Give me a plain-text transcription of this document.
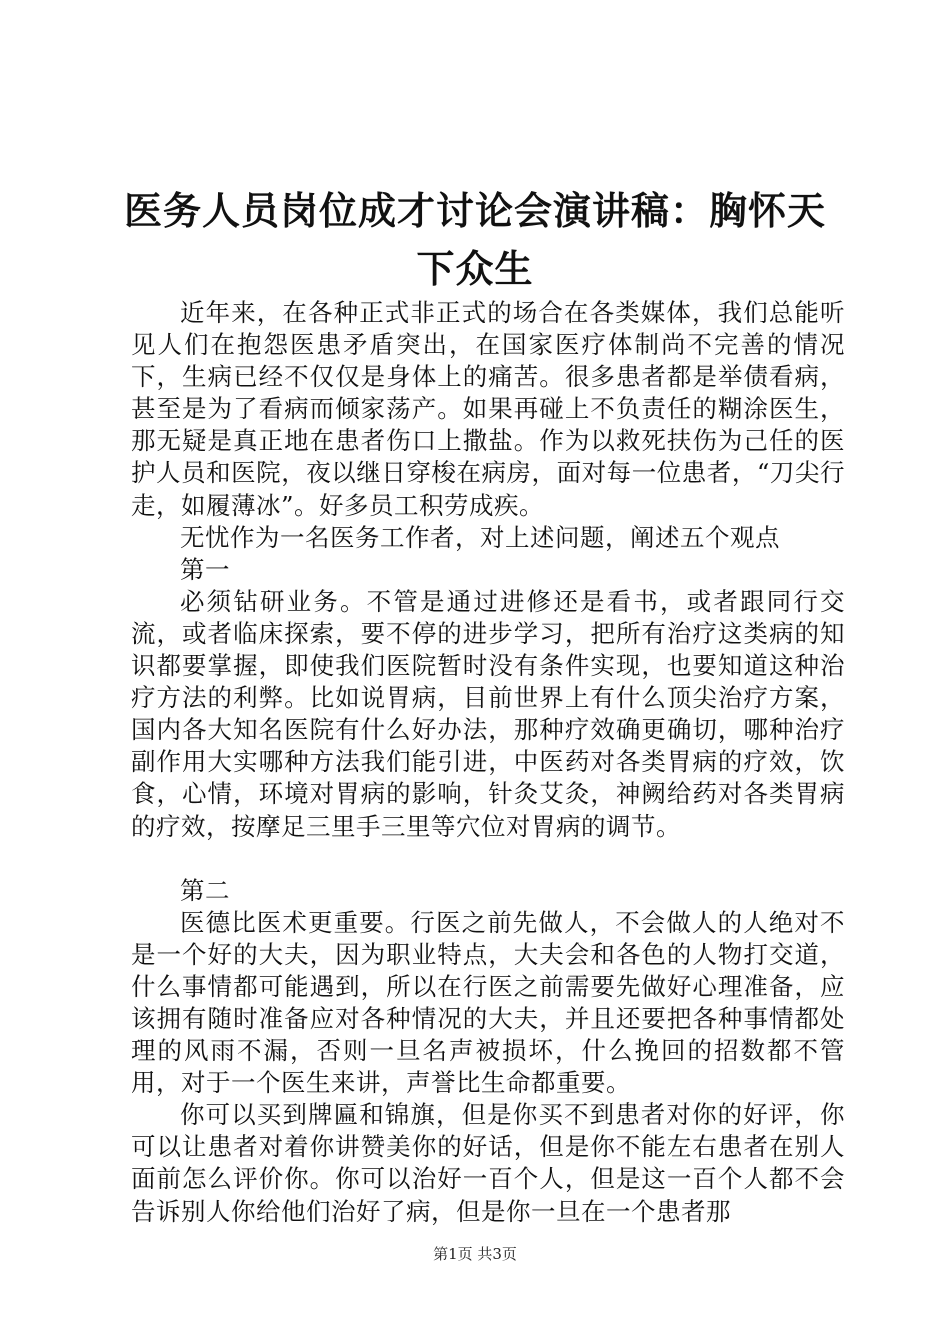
医务人员岗位成才讨论会演讲稿：胸怀天下众生

近年来，在各种正式非正式的场合在各类媒体，我们总能听见人们在抱怨医患矛盾突出，在国家医疗体制尚不完善的情况下，生病已经不仅仅是身体上的痛苦。很多患者都是举债看病，甚至是为了看病而倾家荡产。如果再碰上不负责任的糊涂医生，那无疑是真正地在患者伤口上撒盐。作为以救死扶伤为己任的医护人员和医院，夜以继日穿梭在病房，面对每一位患者，“刀尖行走，如履薄冰”。好多员工积劳成疾。

无忧作为一名医务工作者，对上述问题，阐述五个观点

第一

必须钻研业务。不管是通过进修还是看书，或者跟同行交流，或者临床探索，要不停的进步学习，把所有治疗这类病的知识都要掌握，即使我们医院暂时没有条件实现，也要知道这种治疗方法的利弊。比如说胃病，目前世界上有什么顶尖治疗方案，国内各大知名医院有什么好办法，那种疗效确更确切，哪种治疗副作用大实哪种方法我们能引进，中医药对各类胃病的疗效，饮食，心情，环境对胃病的影响，针灸艾灸，神阙给药对各类胃病的疗效，按摩足三里手三里等穴位对胃病的调节。

第二

医德比医术更重要。行医之前先做人，不会做人的人绝对不是一个好的大夫，因为职业特点，大夫会和各色的人物打交道，什么事情都可能遇到，所以在行医之前需要先做好心理准备，应该拥有随时准备应对各种情况的大夫，并且还要把各种事情都处理的风雨不漏，否则一旦名声被损坏，什么挽回的招数都不管用，对于一个医生来讲，声誉比生命都重要。

你可以买到牌匾和锦旗，但是你买不到患者对你的好评，你可以让患者对着你讲赞美你的好话，但是你不能左右患者在别人面前怎么评价你。你可以治好一百个人，但是这一百个人都不会告诉别人你给他们治好了病，但是你一旦在一个患者那

第1页 共3页
